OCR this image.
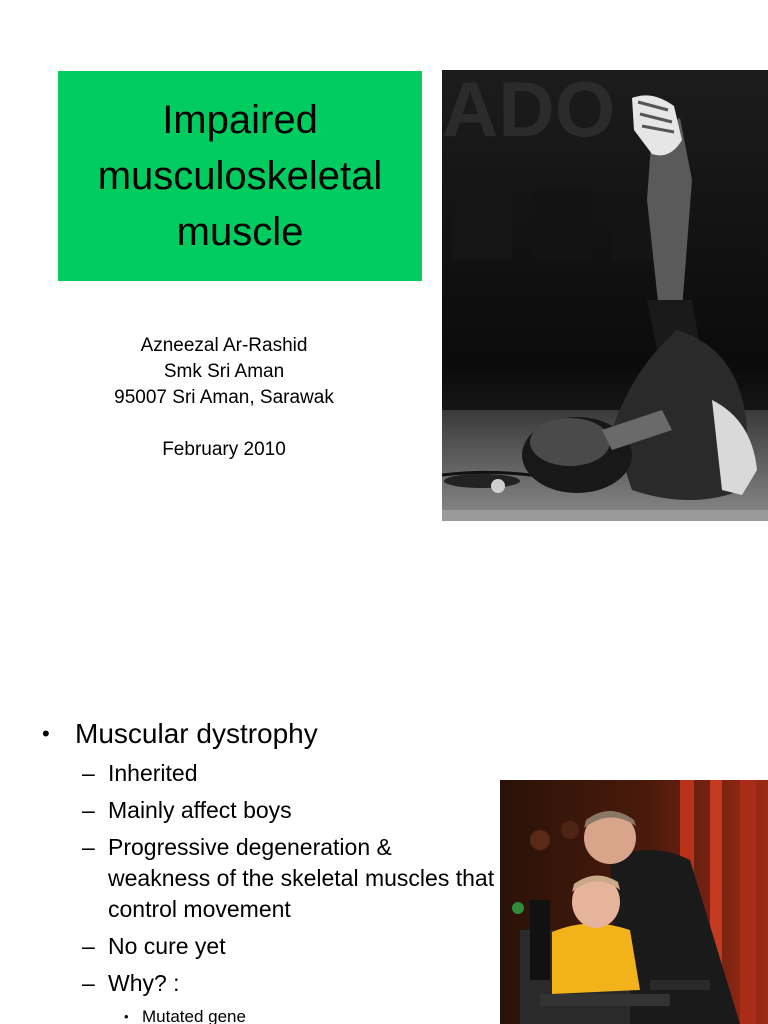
Impaired
musculoskeletal
muscle
Azneezal Ar-Rashid
Smk Sri Aman
95007 Sri Aman, Sarawak
February 2010
ADO
• Muscular dystrophy
– Inherited
– Mainly affect boys
– Progressive degeneration & weakness of the skeletal muscles that control movement
– No cure yet
– Why? :
• Mutated gene
